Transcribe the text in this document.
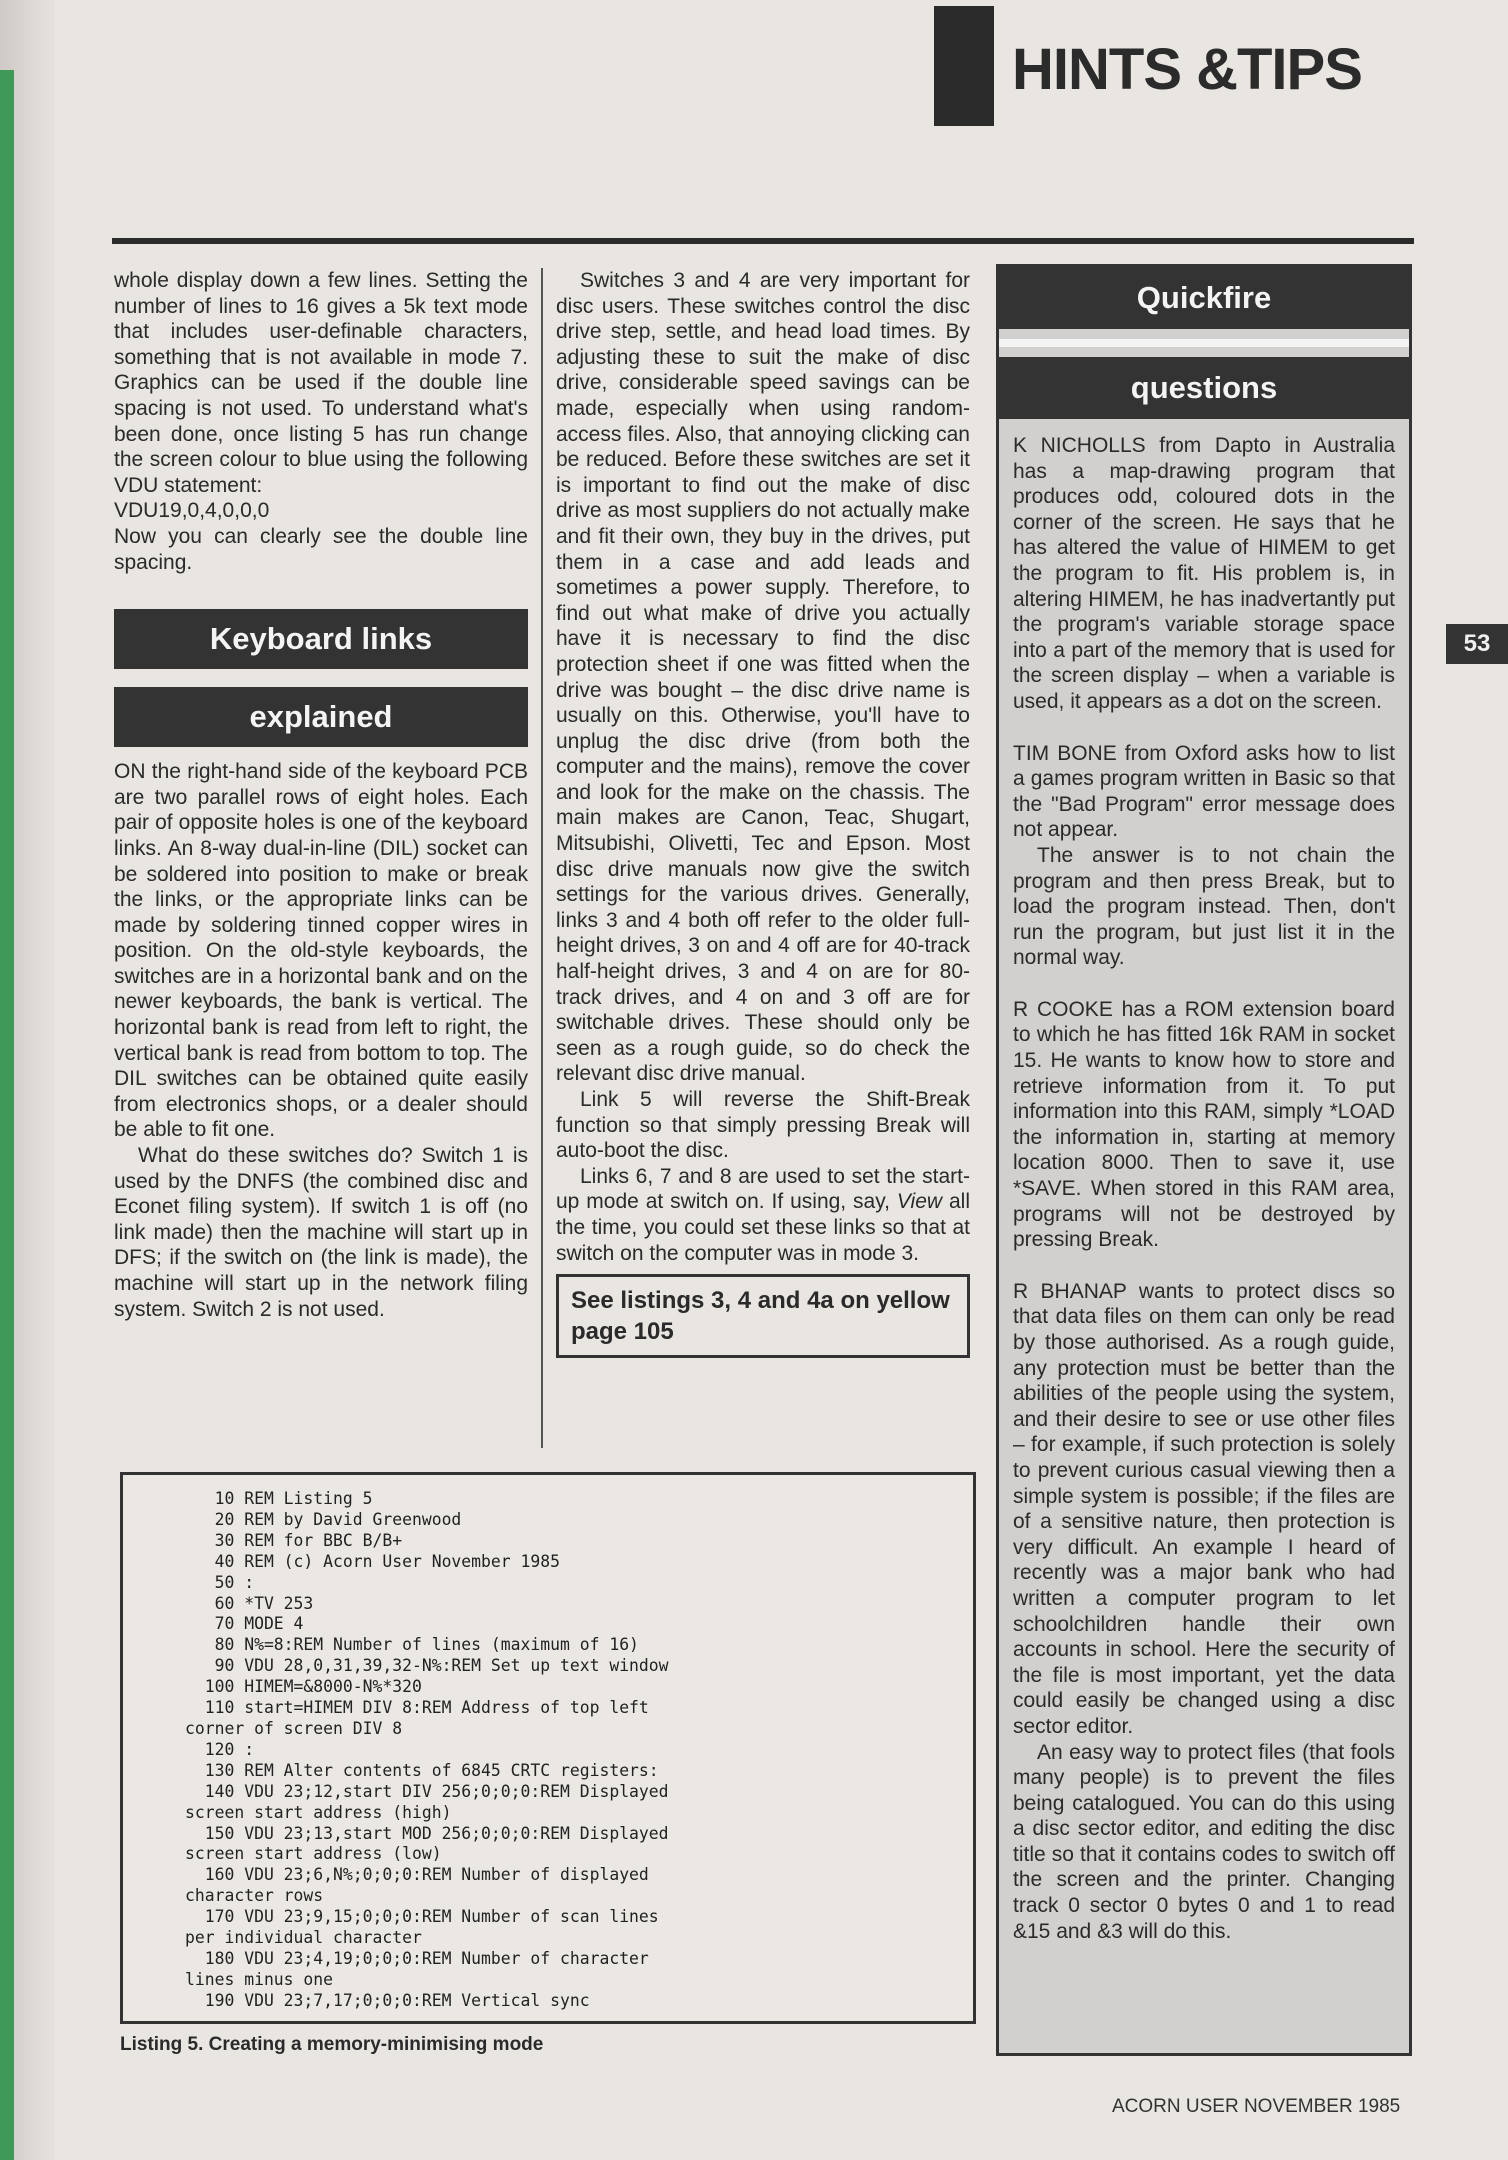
HINTS &TIPS

whole display down a few lines. Setting the number of lines to 16 gives a 5k text mode that includes user-definable characters, something that is not available in mode 7. Graphics can be used if the double line spacing is not used. To understand what's been done, once listing 5 has run change the screen colour to blue using the following VDU statement:

VDU19,0,4,0,0,0

Now you can clearly see the double line spacing.

Keyboard links
explained

ON the right-hand side of the keyboard PCB are two parallel rows of eight holes. Each pair of opposite holes is one of the keyboard links. An 8-way dual-in-line (DIL) socket can be soldered into position to make or break the links, or the appropriate links can be made by soldering tinned copper wires in position. On the old-style keyboards, the switches are in a horizontal bank and on the newer keyboards, the bank is vertical. The horizontal bank is read from left to right, the vertical bank is read from bottom to top. The DIL switches can be obtained quite easily from electronics shops, or a dealer should be able to fit one.

What do these switches do? Switch 1 is used by the DNFS (the combined disc and Econet filing system). If switch 1 is off (no link made) then the machine will start up in DFS; if the switch on (the link is made), the machine will start up in the network filing system. Switch 2 is not used.

Switches 3 and 4 are very important for disc users. These switches control the disc drive step, settle, and head load times. By adjusting these to suit the make of disc drive, considerable speed savings can be made, especially when using random-access files. Also, that annoying clicking can be reduced. Before these switches are set it is important to find out the make of disc drive as most suppliers do not actually make and fit their own, they buy in the drives, put them in a case and add leads and sometimes a power supply. Therefore, to find out what make of drive you actually have it is necessary to find the disc protection sheet if one was fitted when the drive was bought – the disc drive name is usually on this. Otherwise, you'll have to unplug the disc drive (from both the computer and the mains), remove the cover and look for the make on the chassis. The main makes are Canon, Teac, Shugart, Mitsubishi, Olivetti, Tec and Epson. Most disc drive manuals now give the switch settings for the various drives. Generally, links 3 and 4 both off refer to the older full-height drives, 3 on and 4 off are for 40-track half-height drives, 3 and 4 on are for 80-track drives, and 4 on and 3 off are for switchable drives. These should only be seen as a rough guide, so do check the relevant disc drive manual.

Link 5 will reverse the Shift-Break function so that simply pressing Break will auto-boot the disc.

Links 6, 7 and 8 are used to set the start-up mode at switch on. If using, say, View all the time, you could set these links so that at switch on the computer was in mode 3.

See listings 3, 4 and 4a on yellow page 105
Quickfire
questions

K NICHOLLS from Dapto in Australia has a map-drawing program that produces odd, coloured dots in the corner of the screen. He says that he has altered the value of HIMEM to get the program to fit. His problem is, in altering HIMEM, he has inadvertantly put the program's variable storage space into a part of the memory that is used for the screen display – when a variable is used, it appears as a dot on the screen.

TIM BONE from Oxford asks how to list a games program written in Basic so that the "Bad Program" error message does not appear.

The answer is to not chain the program and then press Break, but to load the program instead. Then, don't run the program, but just list it in the normal way.

R COOKE has a ROM extension board to which he has fitted 16k RAM in socket 15. He wants to know how to store and retrieve information from it. To put information into this RAM, simply *LOAD the information in, starting at memory location 8000. Then to save it, use *SAVE. When stored in this RAM area, programs will not be destroyed by pressing Break.

R BHANAP wants to protect discs so that data files on them can only be read by those authorised. As a rough guide, any protection must be better than the abilities of the people using the system, and their desire to see or use other files – for example, if such protection is solely to prevent curious casual viewing then a simple system is possible; if the files are of a sensitive nature, then protection is very difficult. An example I heard of recently was a major bank who had written a computer program to let schoolchildren handle their own accounts in school. Here the security of the file is most important, yet the data could easily be changed using a disc sector editor.

An easy way to protect files (that fools many people) is to prevent the files being catalogued. You can do this using a disc sector editor, and editing the disc title so that it contains codes to switch off the screen and the printer. Changing track 0 sector 0 bytes 0 and 1 to read &15 and &3 will do this.

10 REM Listing 5
20 REM by David Greenwood
30 REM for BBC B/B+
40 REM (c) Acorn User November 1985
50 :
60 *TV 253
70 MODE 4
80 N%=8:REM Number of lines (maximum of 16)
90 VDU 28,0,31,39,32-N%:REM Set up text window
100 HIMEM=&8000-N%*320
110 start=HIMEM DIV 8:REM Address of top left
corner of screen DIV 8
120 :
130 REM Alter contents of 6845 CRTC registers:
140 VDU 23;12,start DIV 256;0;0;0:REM Displayed
screen start address (high)
150 VDU 23;13,start MOD 256;0;0;0:REM Displayed
screen start address (low)
160 VDU 23;6,N%;0;0;0:REM Number of displayed
character rows
170 VDU 23;9,15;0;0;0:REM Number of scan lines
per individual character
180 VDU 23;4,19;0;0;0:REM Number of character
lines minus one
190 VDU 23;7,17;0;0;0:REM Vertical sync
Listing 5. Creating a memory-minimising mode
53
ACORN USER NOVEMBER 1985
